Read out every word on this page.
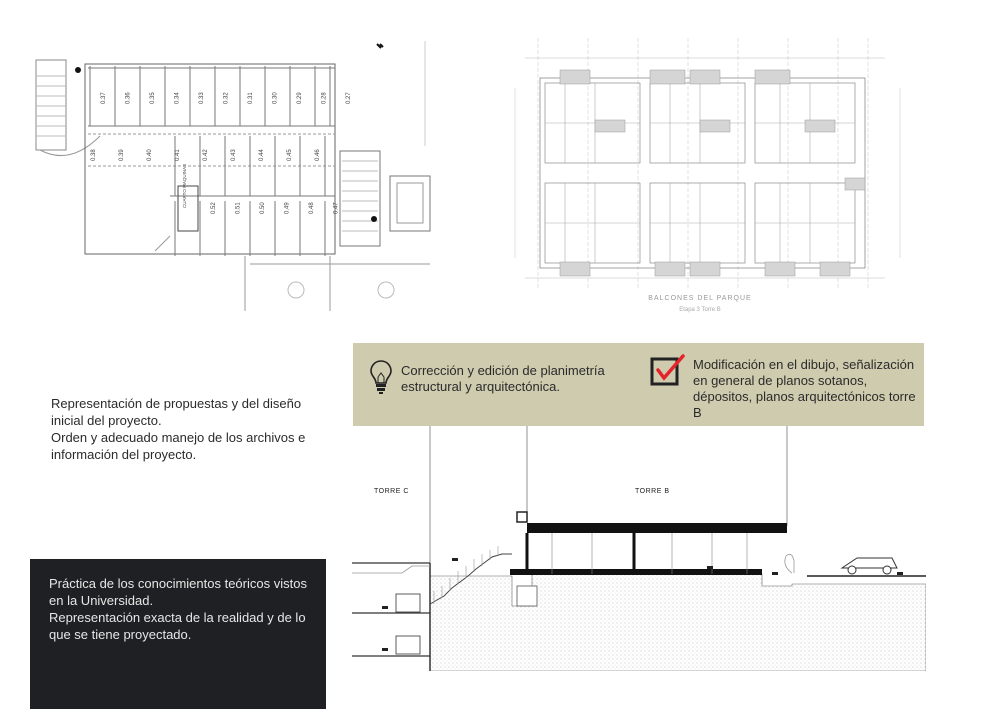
0.37	0.36	0.35	0.34	0.33	0.32	0.31	0.30	0.29	0.28	0.27
0.38	0.39	0.40	0.41	0.42	0.43	0.44	0.45	0.46
0.52	0.51	0.50	0.49	0.48	0.47
CUARTO MAQUINAS
BALCONES DEL PARQUE
Etapa 3 Torre B
Corrección y edición de planimetría estructural y arquitectónica.
Modificación en el dibujo, señalización en general de planos sotanos, dépositos, planos arquitectónicos torre B

Representación de propuestas y del diseño inicial del proyecto.

Orden y adecuado manejo de los archivos e información del proyecto.

Práctica de los conocimientos teóricos vistos en la Universidad.

Representación exacta de la realidad y de lo que se tiene proyectado.

TORRE C	TORRE B
